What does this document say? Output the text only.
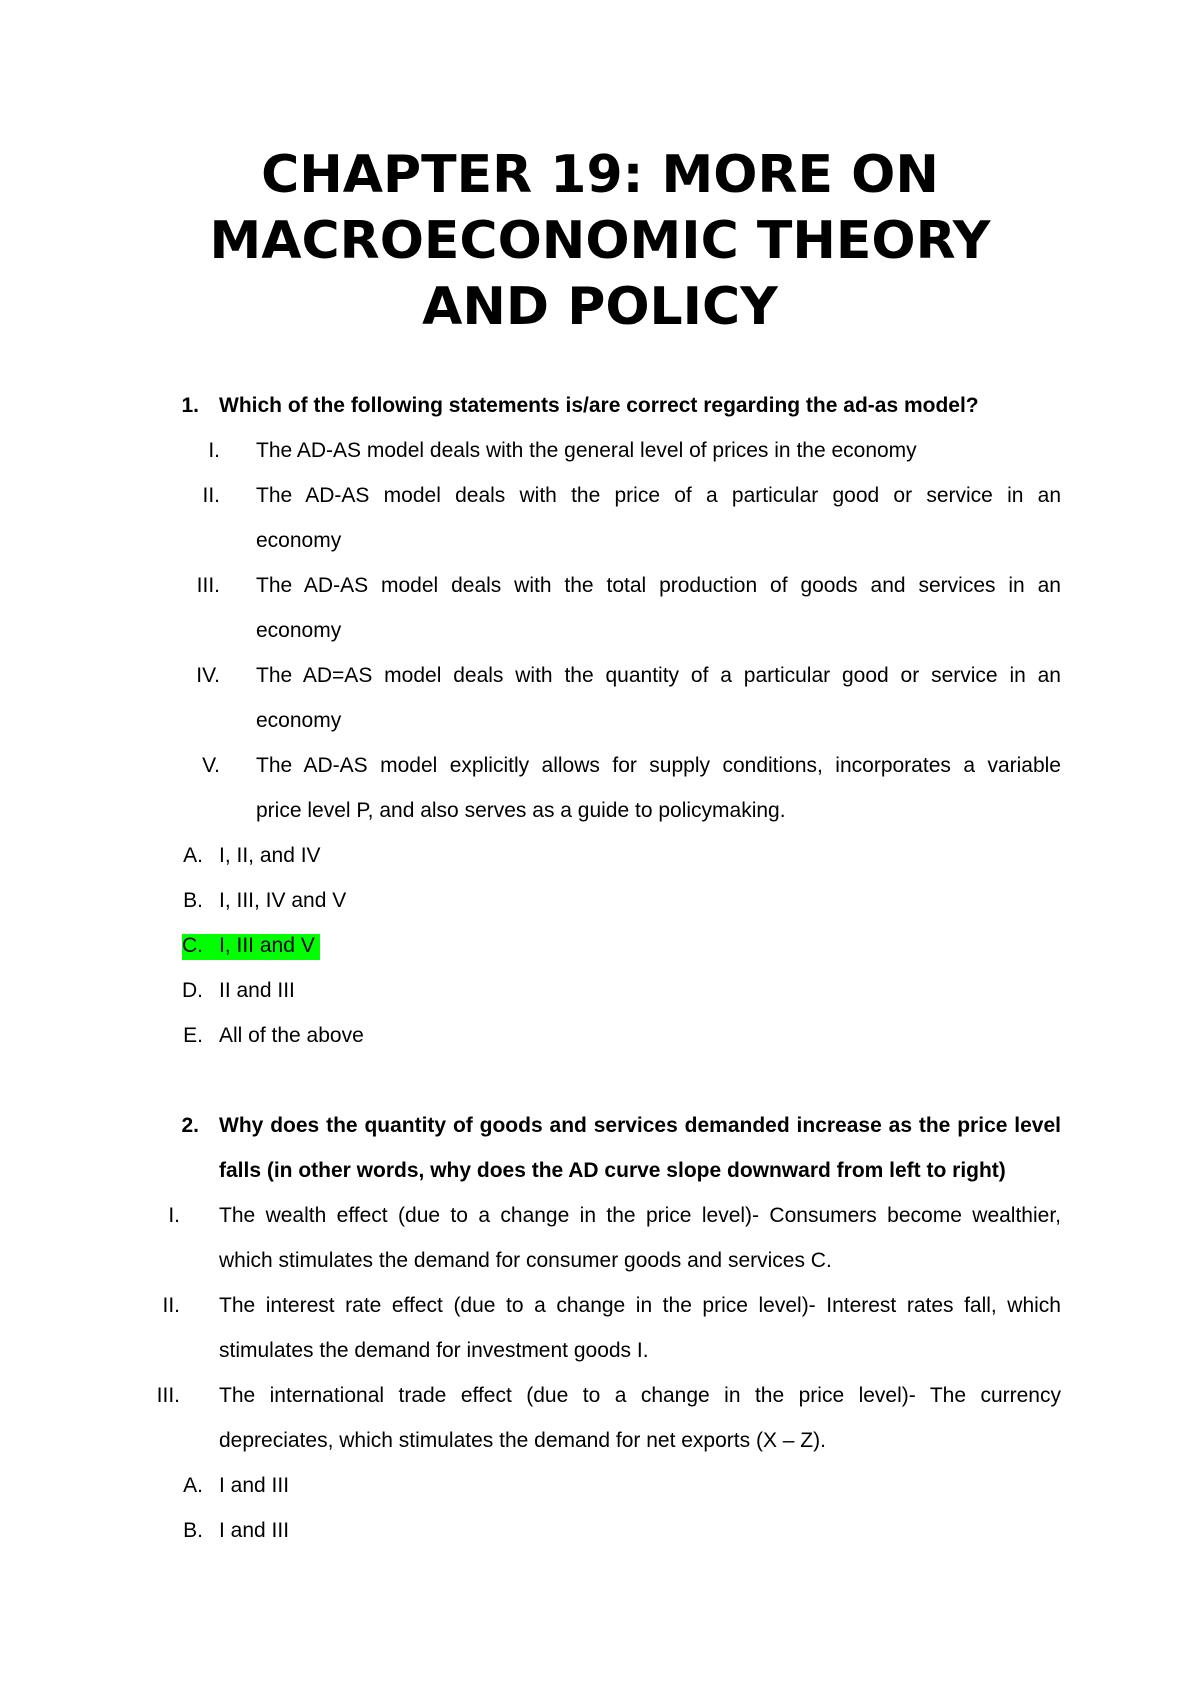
CHAPTER 19: MORE ON
MACROECONOMIC THEORY
AND POLICY
1. Which of the following statements is/are correct regarding the ad-as model?
I. The AD-AS model deals with the general level of prices in the economy
II. The AD-AS model deals with the price of a particular good or service in an
economy
III. The AD-AS model deals with the total production of goods and services in an
economy
IV. The AD=AS model deals with the quantity of a particular good or service in an
economy
V. The AD-AS model explicitly allows for supply conditions, incorporates a variable
price level P, and also serves as a guide to policymaking.
A. I, II, and IV
B. I, III, IV and V
C. I, III and V
D. II and III
E. All of the above
2. Why does the quantity of goods and services demanded increase as the price level
falls (in other words, why does the AD curve slope downward from left to right)
I. The wealth effect (due to a change in the price level)- Consumers become wealthier,
which stimulates the demand for consumer goods and services C.
II. The interest rate effect (due to a change in the price level)- Interest rates fall, which
stimulates the demand for investment goods I.
III. The international trade effect (due to a change in the price level)- The currency
depreciates, which stimulates the demand for net exports (X – Z).
A. I and III
B. I and III
